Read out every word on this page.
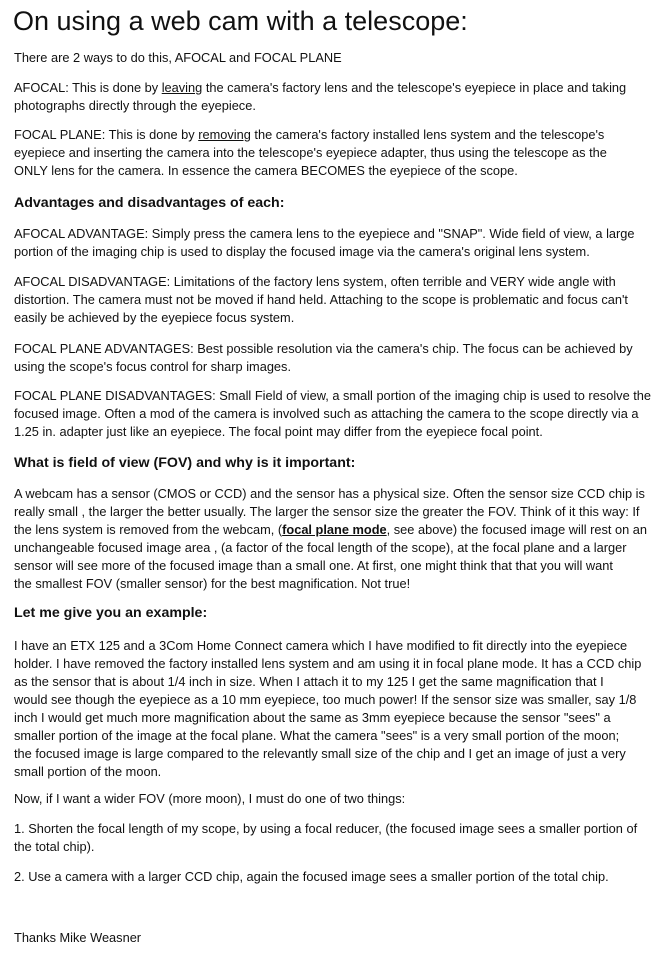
On using a web cam with a telescope:

There are 2 ways to do this, AFOCAL and FOCAL PLANE

AFOCAL: This is done by leaving the camera's factory lens and the telescope's eyepiece in place and taking
photographs directly through the eyepiece.

FOCAL PLANE: This is done by removing the camera's factory installed lens system and the telescope's
eyepiece and inserting the camera into the telescope's eyepiece adapter, thus using the telescope as the
ONLY lens for the camera. In essence the camera BECOMES the eyepiece of the scope.

Advantages and disadvantages of each:

AFOCAL ADVANTAGE: Simply press the camera lens to the eyepiece and "SNAP". Wide field of view, a large
portion of the imaging chip is used to display the focused image via the camera's original lens system.

AFOCAL DISADVANTAGE: Limitations of the factory lens system, often terrible and VERY wide angle with
distortion. The camera must not be moved if hand held. Attaching to the scope is problematic and focus can't
easily be achieved by the eyepiece focus system.

FOCAL PLANE ADVANTAGES: Best possible resolution via the camera's chip. The focus can be achieved by
using the scope's focus control for sharp images.

FOCAL PLANE DISADVANTAGES: Small Field of view, a small portion of the imaging chip is used to resolve the
focused image. Often a mod of the camera is involved such as attaching the camera to the scope directly via a
1.25 in. adapter just like an eyepiece. The focal point may differ from the eyepiece focal point.

What is field of view (FOV) and why is it important:

A webcam has a sensor (CMOS or CCD) and the sensor has a physical size. Often the sensor size CCD chip is
really small , the larger the better usually. The larger the sensor size the greater the FOV. Think of it this way: If
the lens system is removed from the webcam, (focal plane mode, see above) the focused image will rest on an
unchangeable focused image area , (a factor of the focal length of the scope), at the focal plane and a larger
sensor will see more of the focused image than a small one. At first, one might think that that you will want
the smallest FOV (smaller sensor) for the best magnification. Not true!

Let me give you an example:

I have an ETX 125 and a 3Com Home Connect camera which I have modified to fit directly into the eyepiece
holder. I have removed the factory installed lens system and am using it in focal plane mode. It has a CCD chip
as the sensor that is about 1/4 inch in size. When I attach it to my 125 I get the same magnification that I
would see though the eyepiece as a 10 mm eyepiece, too much power! If the sensor size was smaller, say 1/8
inch I would get much more magnification about the same as 3mm eyepiece because the sensor "sees" a
smaller portion of the image at the focal plane. What the camera "sees" is a very small portion of the moon;
the focused image is large compared to the relevantly small size of the chip and I get an image of just a very
small portion of the moon.

Now, if I want a wider FOV (more moon), I must do one of two things:

1. Shorten the focal length of my scope, by using a focal reducer, (the focused image sees a smaller portion of
the total chip).

2. Use a camera with a larger CCD chip, again the focused image sees a smaller portion of the total chip.

Thanks Mike Weasner
